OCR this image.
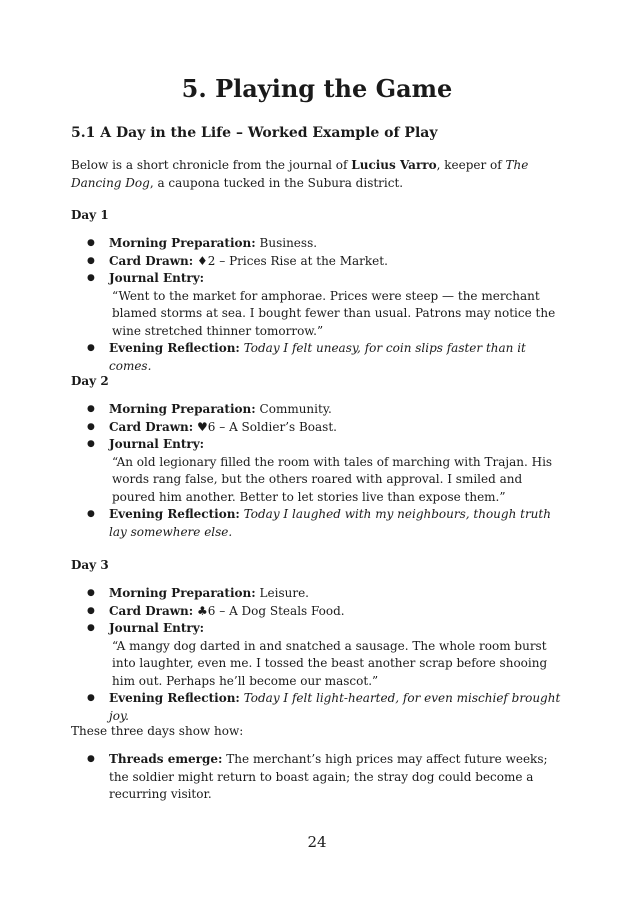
5. Playing the Game
5.1 A Day in the Life – Worked Example of Play

Below is a short chronicle from the journal of Lucius Varro, keeper of The Dancing Dog, a caupona tucked in the Subura district.

Day 1

● Morning Preparation: Business.
● Card Drawn: ♦2 – Prices Rise at the Market.
● Journal Entry:
“Went to the market for amphorae. Prices were steep — the merchant blamed storms at sea. I bought fewer than usual. Patrons may notice the wine stretched thinner tomorrow.”
● Evening Reflection: Today I felt uneasy, for coin slips faster than it comes.

Day 2

● Morning Preparation: Community.
● Card Drawn: ♥6 – A Soldier’s Boast.
● Journal Entry:
“An old legionary filled the room with tales of marching with Trajan. His words rang false, but the others roared with approval. I smiled and poured him another. Better to let stories live than expose them.”
● Evening Reflection: Today I laughed with my neighbours, though truth lay somewhere else.

Day 3

● Morning Preparation: Leisure.
● Card Drawn: ♣6 – A Dog Steals Food.
● Journal Entry:
“A mangy dog darted in and snatched a sausage. The whole room burst into laughter, even me. I tossed the beast another scrap before shooing him out. Perhaps he’ll become our mascot.”
● Evening Reflection: Today I felt light-hearted, for even mischief brought joy.

These three days show how:

● Threads emerge: The merchant’s high prices may affect future weeks; the soldier might return to boast again; the stray dog could become a recurring visitor.
24
